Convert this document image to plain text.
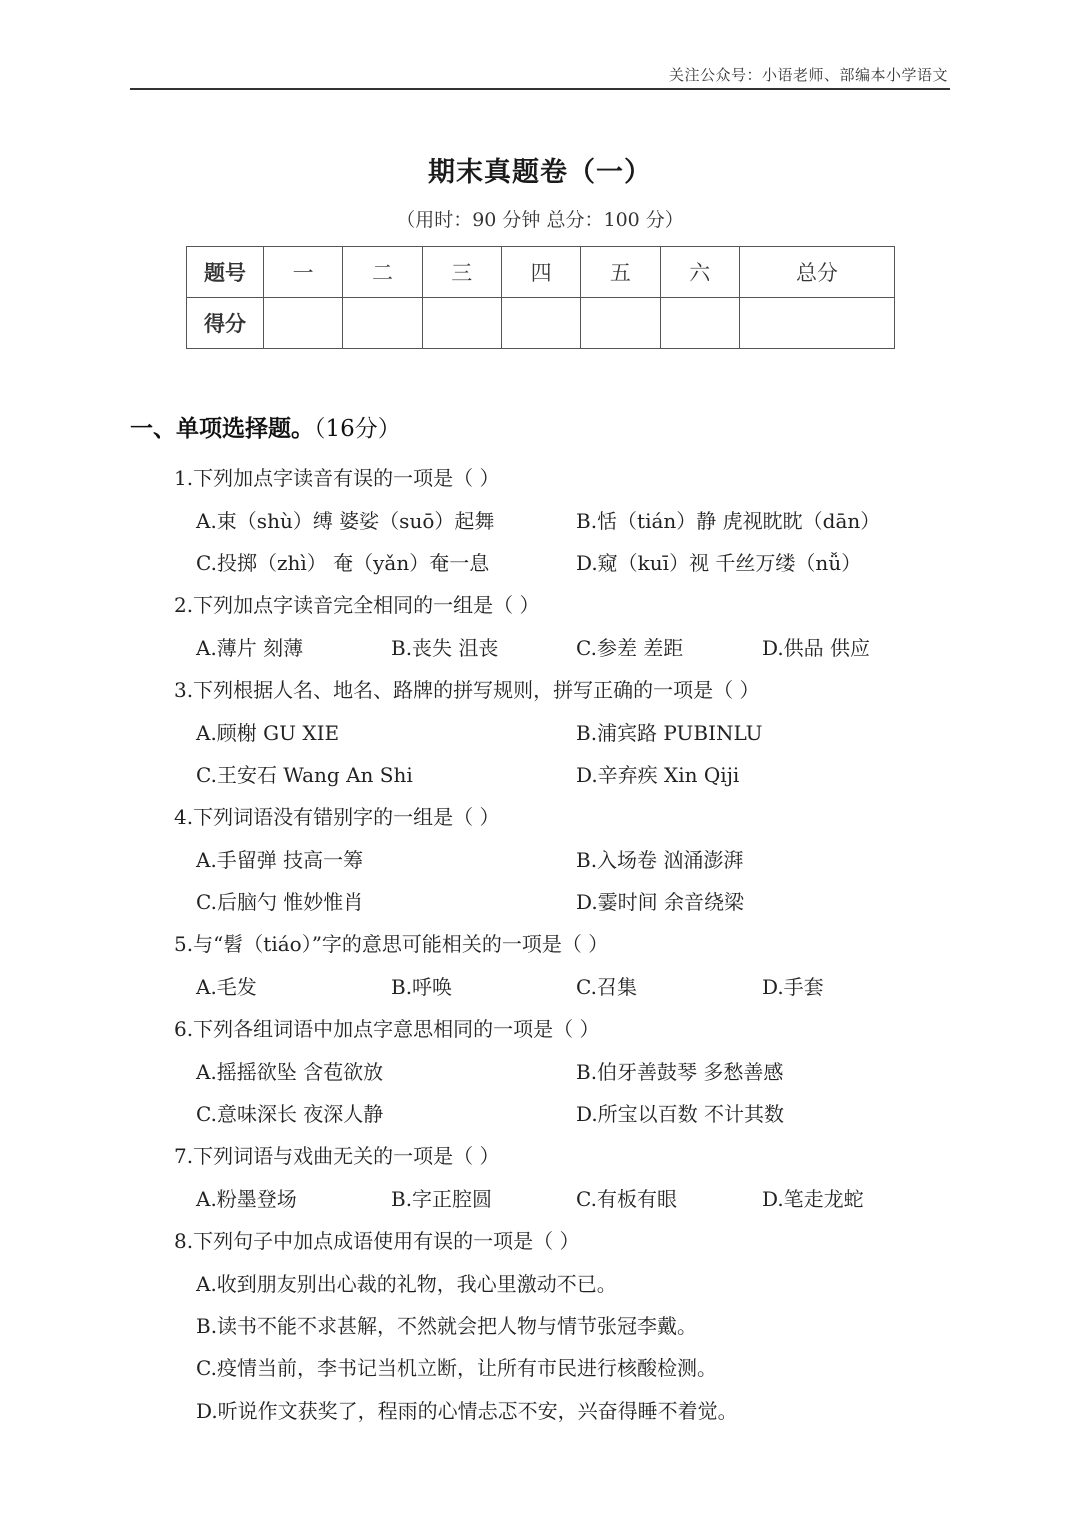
关注公众号：小语老师、部编本小学语文
期末真题卷（一）
（用时：90 分钟 总分：100 分）
题号	一	二	三	四	五	六	总分
得分							
一、单项选择题。（16分）
1.下列加点字读音有误的一项是（ ）
A.束（shù）缚 婆娑（suō）起舞	B.恬（tián）静 虎视眈眈（dān）
C.投掷（zhì） 奄（yǎn）奄一息	D.窥（kuī）视 千丝万缕（nǚ）
2.下列加点字读音完全相同的一组是（ ）
A.薄片 刻薄	B.丧失 沮丧	C.参差 差距	D.供品 供应
3.下列根据人名、地名、路牌的拼写规则，拼写正确的一项是（ ）
A.顾榭 GU XIE	B.浦宾路 PUBINLU
C.王安石 Wang An Shi	D.辛弃疾 Xin Qiji
4.下列词语没有错别字的一组是（ ）
A.手留弹 技高一筹	B.入场卷 汹涌澎湃
C.后脑勺 惟妙惟肖	D.霎时间 余音绕梁
5.与“髫（tiáo）”字的意思可能相关的一项是（ ）
A.毛发	B.呼唤	C.召集	D.手套
6.下列各组词语中加点字意思相同的一项是（ ）
A.摇摇欲坠 含苞欲放	B.伯牙善鼓琴 多愁善感
C.意味深长 夜深人静	D.所宝以百数 不计其数
7.下列词语与戏曲无关的一项是（ ）
A.粉墨登场	B.字正腔圆	C.有板有眼	D.笔走龙蛇
8.下列句子中加点成语使用有误的一项是（ ）
A.收到朋友别出心裁的礼物，我心里激动不已。
B.读书不能不求甚解，不然就会把人物与情节张冠李戴。
C.疫情当前，李书记当机立断，让所有市民进行核酸检测。
D.听说作文获奖了，程雨的心情忐忑不安，兴奋得睡不着觉。
